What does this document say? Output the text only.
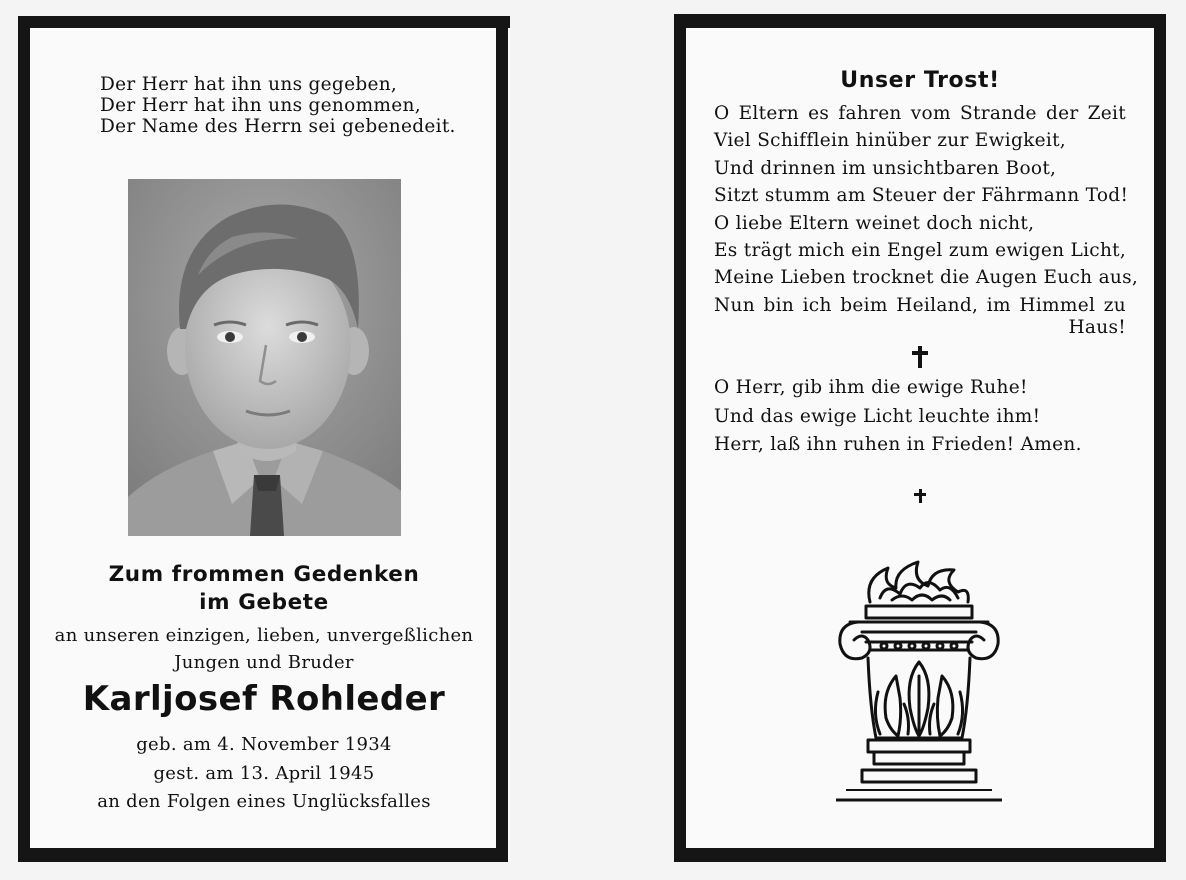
Der Herr hat ihn uns gegeben,
Der Herr hat ihn uns genommen,
Der Name des Herrn sei gebenedeit.
Zum frommen Gedenken
im Gebete
an unseren einzigen, lieben, unvergeßlichen
Jungen und Bruder
Karljosef Rohleder
geb. am 4. November 1934
gest. am 13. April 1945
an den Folgen eines Unglücksfalles
Unser Trost!
O Eltern es fahren vom Strande der Zeit
Viel Schifflein hinüber zur Ewigkeit,
Und drinnen im unsichtbaren Boot,
Sitzt stumm am Steuer der Fährmann Tod!
O liebe Eltern weinet doch nicht,
Es trägt mich ein Engel zum ewigen Licht,
Meine Lieben trocknet die Augen Euch aus,
Nun bin ich beim Heiland, im Himmel zu
Haus!
O Herr, gib ihm die ewige Ruhe!
Und das ewige Licht leuchte ihm!
Herr, laß ihn ruhen in Frieden! Amen.
